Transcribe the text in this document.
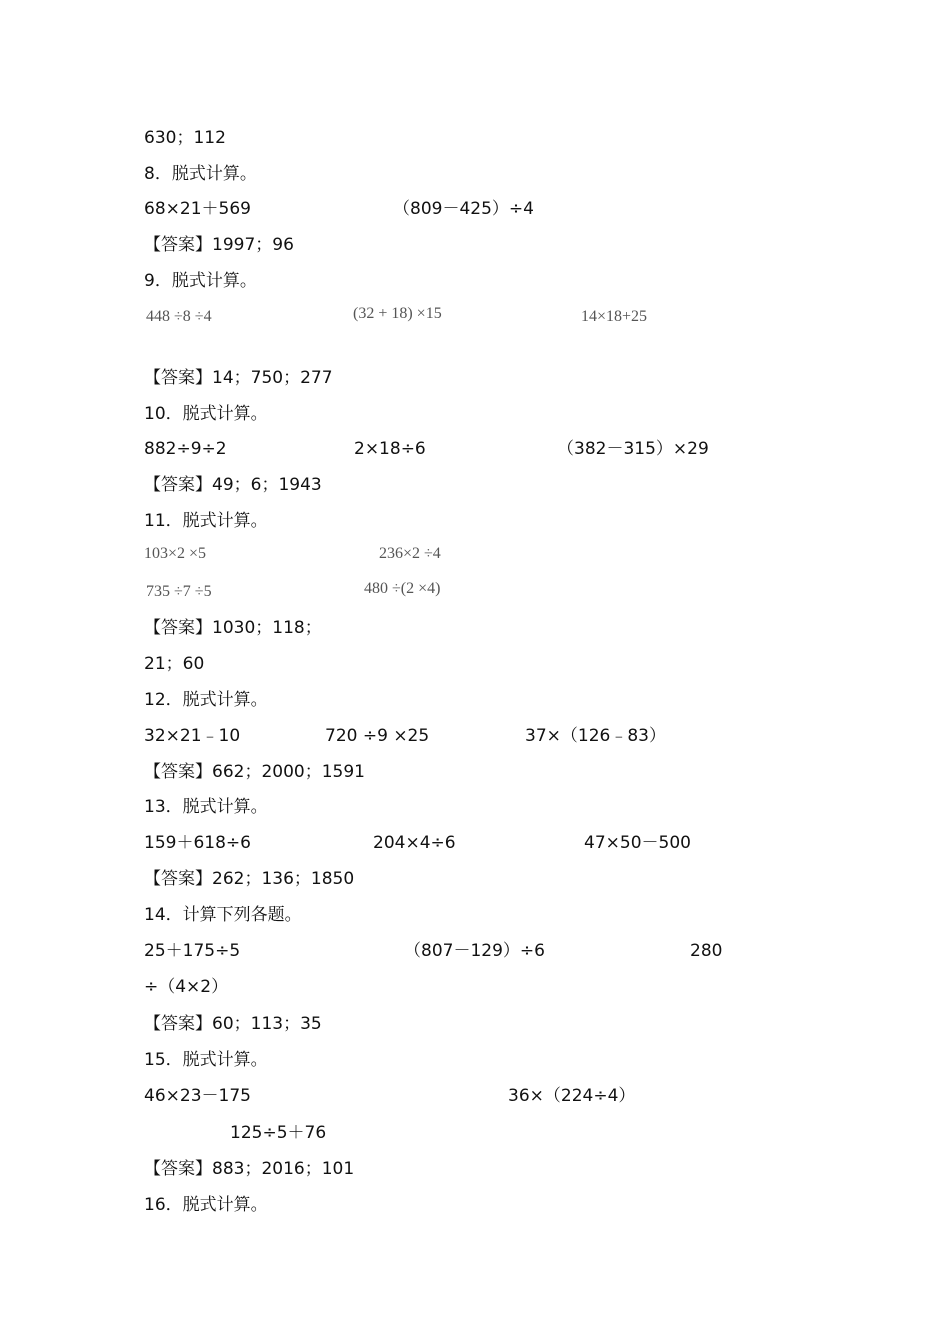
630；112
8．脱式计算。
68×21＋569	（809－425）÷4
【答案】1997；96
9．脱式计算。
448 ÷8 ÷4	(32 + 18) ×15	14×18+25
【答案】14；750；277
10．脱式计算。
882÷9÷2	2×18÷6	（382－315）×29
【答案】49；6；1943
11．脱式计算。
103×2 ×5	236×2 ÷4
735 ÷7 ÷5	480 ÷(2 ×4)
【答案】1030；118；
21；60
12．脱式计算。
32×21﹣10	720 ÷9 ×25	37×（126﹣83）
【答案】662；2000；1591
13．脱式计算。
159＋618÷6	204×4÷6	47×50－500
【答案】262；136；1850
14．计算下列各题。
25＋175÷5	（807－129）÷6	280
÷（4×2）
【答案】60；113；35
15．脱式计算。
46×23－175	36×（224÷4）
125÷5＋76
【答案】883；2016；101
16．脱式计算。
